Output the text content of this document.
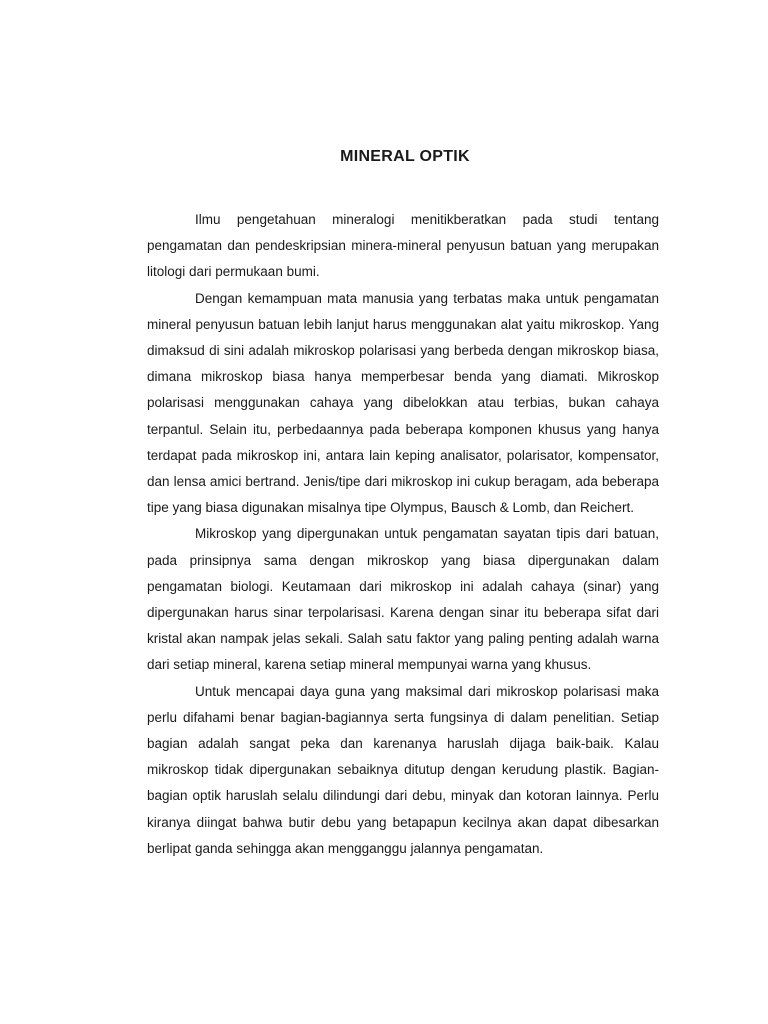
MINERAL OPTIK

Ilmu pengetahuan mineralogi menitikberatkan pada studi tentang pengamatan dan pendeskripsian minera-mineral penyusun batuan yang merupakan litologi dari permukaan bumi.

Dengan kemampuan mata manusia yang terbatas maka untuk pengamatan mineral penyusun batuan lebih lanjut harus menggunakan alat yaitu mikroskop. Yang dimaksud di sini adalah mikroskop polarisasi yang berbeda dengan mikroskop biasa, dimana mikroskop biasa hanya memperbesar benda yang diamati. Mikroskop polarisasi menggunakan cahaya yang dibelokkan atau terbias, bukan cahaya terpantul. Selain itu, perbedaannya pada beberapa komponen khusus yang hanya terdapat pada mikroskop ini, antara lain keping analisator, polarisator, kompensator, dan lensa amici bertrand. Jenis/tipe dari mikroskop ini cukup beragam, ada beberapa tipe yang biasa digunakan misalnya tipe Olympus, Bausch & Lomb, dan Reichert.

Mikroskop yang dipergunakan untuk pengamatan sayatan tipis dari batuan, pada prinsipnya sama dengan mikroskop yang biasa dipergunakan dalam pengamatan biologi. Keutamaan dari mikroskop ini adalah cahaya (sinar) yang dipergunakan harus sinar terpolarisasi. Karena dengan sinar itu beberapa sifat dari kristal akan nampak jelas sekali. Salah satu faktor yang paling penting adalah warna dari setiap mineral, karena setiap mineral mempunyai warna yang khusus.

Untuk mencapai daya guna yang maksimal dari mikroskop polarisasi maka perlu difahami benar bagian-bagiannya serta fungsinya di dalam penelitian. Setiap bagian adalah sangat peka dan karenanya haruslah dijaga baik-baik. Kalau mikroskop tidak dipergunakan sebaiknya ditutup dengan kerudung plastik. Bagian-bagian optik haruslah selalu dilindungi dari debu, minyak dan kotoran lainnya. Perlu kiranya diingat bahwa butir debu yang betapapun kecilnya akan dapat dibesarkan berlipat ganda sehingga akan mengganggu jalannya pengamatan.
